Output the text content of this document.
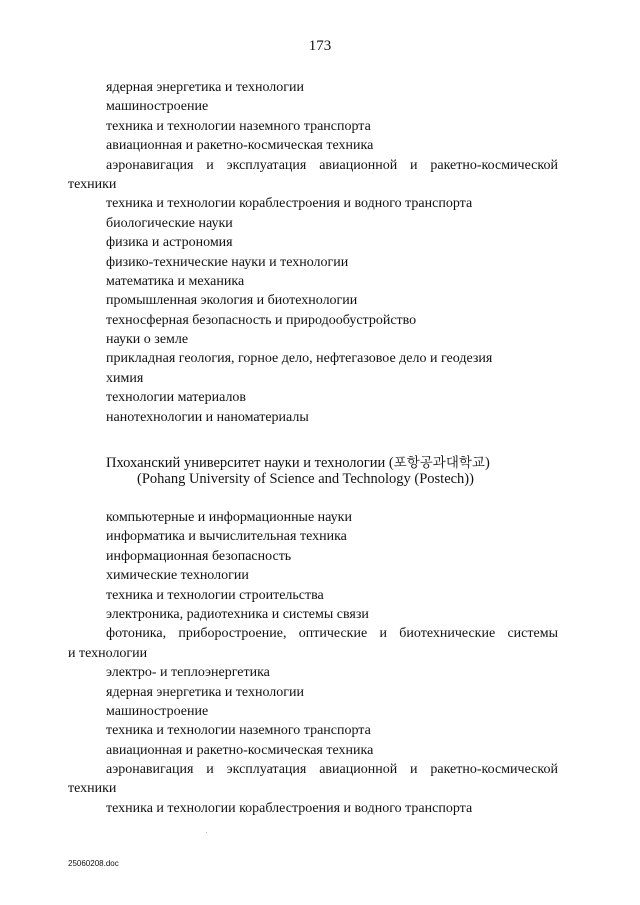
173
ядерная энергетика и технологии
машиностроение
техника и технологии наземного транспорта
авиационная и ракетно-космическая техника
аэронавигация и эксплуатация авиационной и ракетно-космической
техники
техника и технологии кораблестроения и водного транспорта
биологические науки
физика и астрономия
физико-технические науки и технологии
математика и механика
промышленная экология и биотехнологии
техносферная безопасность и природообустройство
науки о земле
прикладная геология, горное дело, нефтегазовое дело и геодезия
химия
технологии материалов
нанотехнологии и наноматериалы
Пхоханский университет науки и технологии (포항공과대학교)
(Pohang University of Science and Technology (Postech))
компьютерные и информационные науки
информатика и вычислительная техника
информационная безопасность
химические технологии
техника и технологии строительства
электроника, радиотехника и системы связи
фотоника, приборостроение, оптические и биотехнические системы
и технологии
электро- и теплоэнергетика
ядерная энергетика и технологии
машиностроение
техника и технологии наземного транспорта
авиационная и ракетно-космическая техника
аэронавигация и эксплуатация авиационной и ракетно-космической
техники
техника и технологии кораблестроения и водного транспорта
25060208.doc
